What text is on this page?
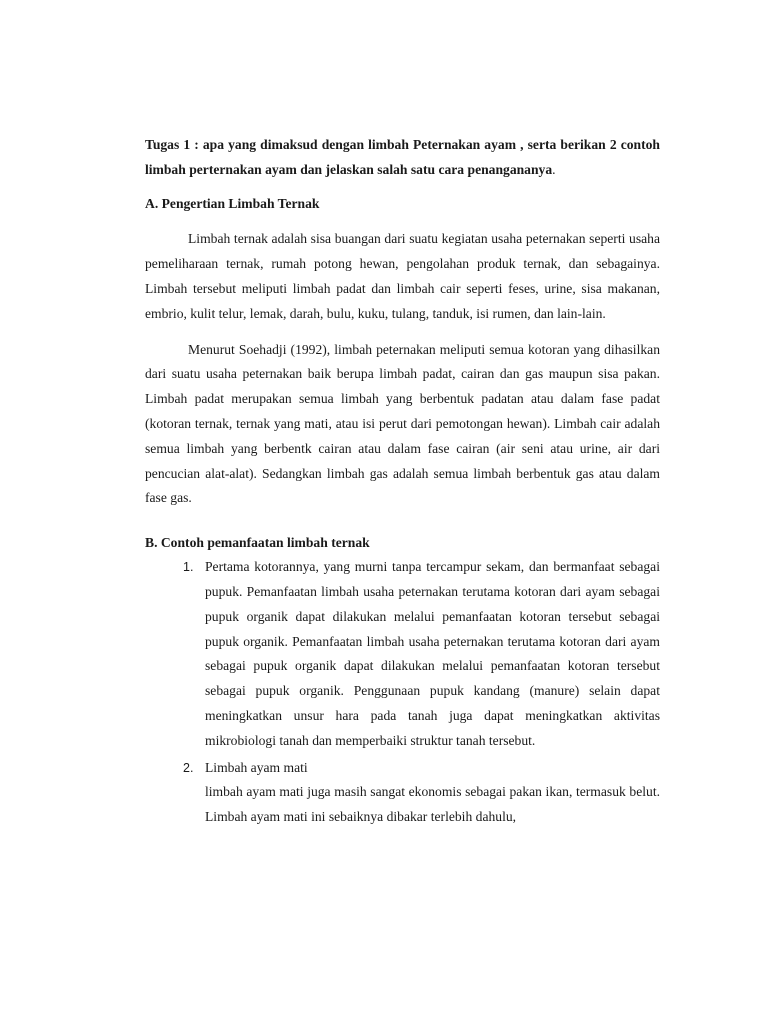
Tugas 1 : apa yang dimaksud dengan limbah Peternakan ayam , serta berikan 2 contoh limbah perternakan ayam dan jelaskan salah satu cara penangananya.

A. Pengertian Limbah Ternak

Limbah ternak adalah sisa buangan dari suatu kegiatan usaha peternakan seperti usaha pemeliharaan ternak, rumah potong hewan, pengolahan produk ternak, dan sebagainya. Limbah tersebut meliputi limbah padat dan limbah cair seperti feses, urine, sisa makanan, embrio, kulit telur, lemak, darah, bulu, kuku, tulang, tanduk, isi rumen, dan lain-lain.

Menurut Soehadji (1992), limbah peternakan meliputi semua kotoran yang dihasilkan dari suatu usaha peternakan baik berupa limbah padat, cairan dan gas maupun sisa pakan. Limbah padat merupakan semua limbah yang berbentuk padatan atau dalam fase padat (kotoran ternak, ternak yang mati, atau isi perut dari pemotongan hewan). Limbah cair adalah semua limbah yang berbentk cairan atau dalam fase cairan (air seni atau urine, air dari pencucian alat-alat). Sedangkan limbah gas adalah semua limbah berbentuk gas atau dalam fase gas.

B. Contoh pemanfaatan limbah ternak
1. Pertama kotorannya, yang murni tanpa tercampur sekam, dan bermanfaat sebagai pupuk. Pemanfaatan limbah usaha peternakan terutama kotoran dari ayam sebagai pupuk organik dapat dilakukan melalui pemanfaatan kotoran tersebut sebagai pupuk organik. Pemanfaatan limbah usaha peternakan terutama kotoran dari ayam sebagai pupuk organik dapat dilakukan melalui pemanfaatan kotoran tersebut sebagai pupuk organik. Penggunaan pupuk kandang (manure) selain dapat meningkatkan unsur hara pada tanah juga dapat meningkatkan aktivitas mikrobiologi tanah dan memperbaiki struktur tanah tersebut.
2. Limbah ayam mati
limbah ayam mati juga masih sangat ekonomis sebagai pakan ikan, termasuk belut. Limbah ayam mati ini sebaiknya dibakar terlebih dahulu,
